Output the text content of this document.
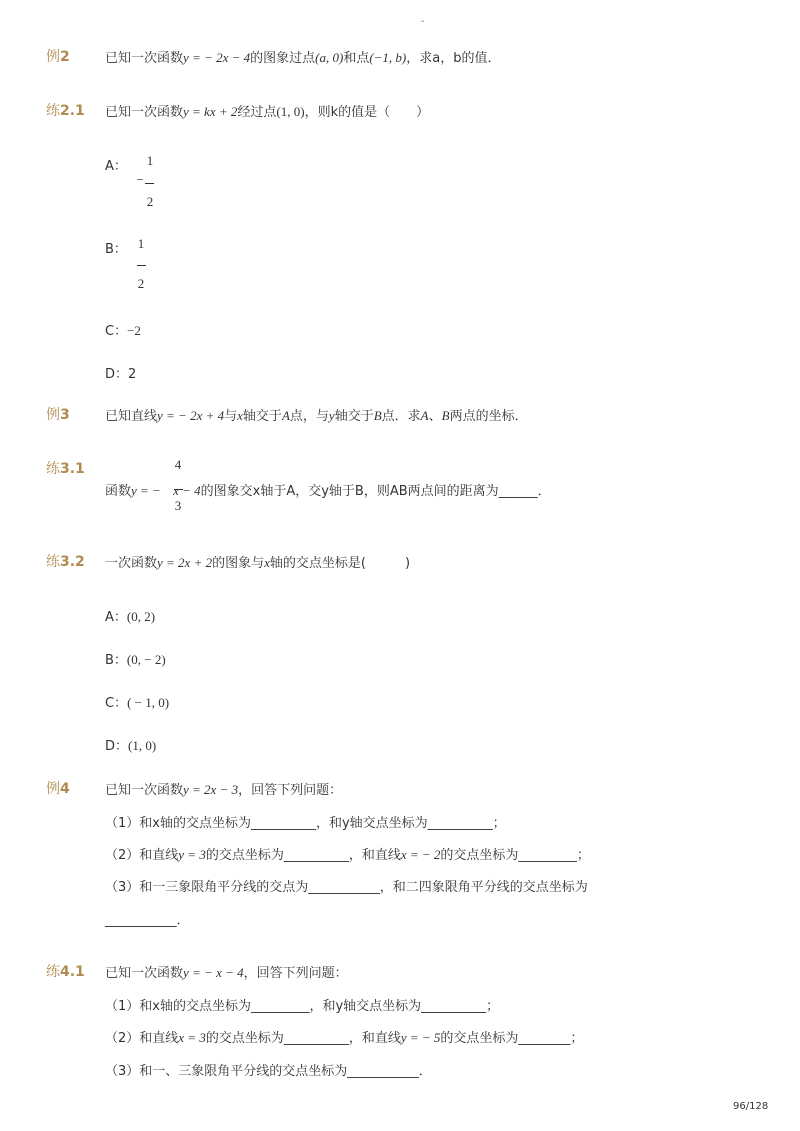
-
例2	已知一次函数y = − 2x − 4的图象过点(a, 0)和点(−1, b)，求a，b的值．
练2.1 已知一次函数y = kx + 2经过点(1, 0)，则k的值是（　　）
A： 1
−
2
B： 1
2
C：−2
D：2
例3	已知直线y = − 2x + 4与x轴交于A点，与y轴交于B点．求A、B两点的坐标．
练3.1	4
3
函数y = − x − 4的图象交x轴于A，交y轴于B，则AB两点间的距离为______．
练3.2 一次函数y = 2x + 2的图象与x轴的交点坐标是(　　　)
A：(0, 2)
B：(0, − 2)
C：( − 1, 0)
D：(1, 0)
例4	已知一次函数y = 2x − 3，回答下列问题：
（1）和x轴的交点坐标为__________，和y轴交点坐标为__________；
（2）和直线y = 3的交点坐标为__________，和直线x = − 2的交点坐标为_________；
（3）和一三象限角平分线的交点为___________，和二四象限角平分线的交点坐标为
___________．
练4.1 已知一次函数y = − x − 4，回答下列问题：
（1）和x轴的交点坐标为_________，和y轴交点坐标为__________；
（2）和直线x = 3的交点坐标为__________，和直线y = − 5的交点坐标为________；
（3）和一、三象限角平分线的交点坐标为___________．
96/128
